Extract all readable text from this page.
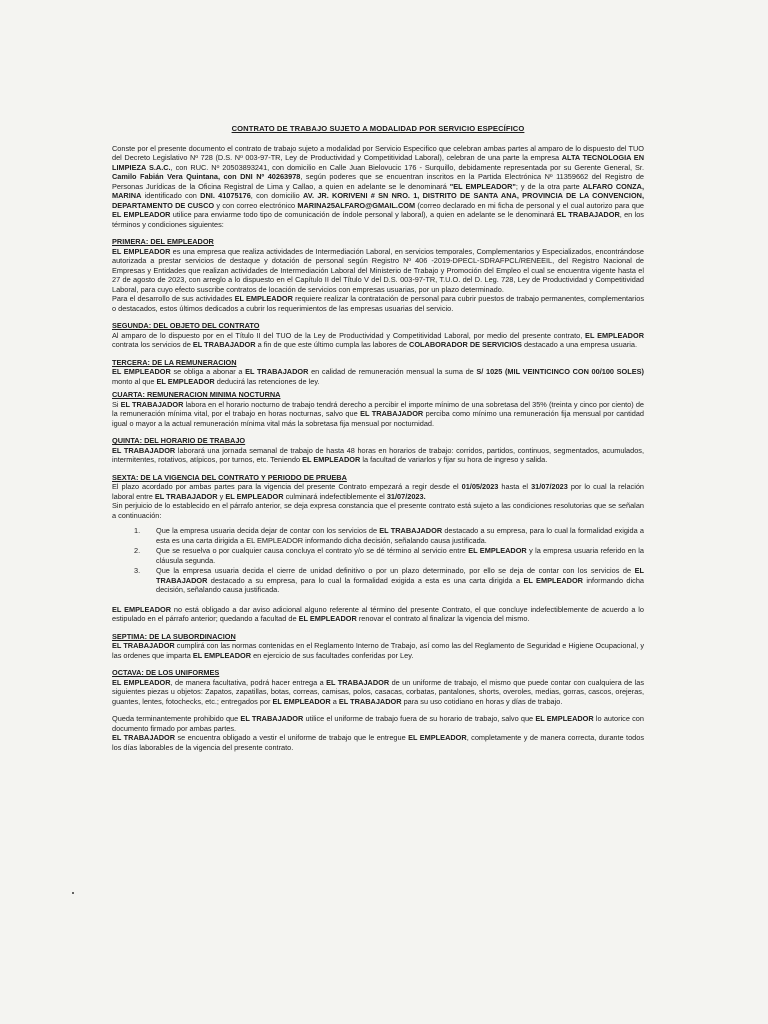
CONTRATO DE TRABAJO SUJETO A MODALIDAD POR SERVICIO ESPECÍFICO

Conste por el presente documento el contrato de trabajo sujeto a modalidad por Servicio Especifico que celebran ambas partes al amparo de lo dispuesto del TUO del Decreto Legislativo Nº 728 (D.S. Nº 003-97-TR, Ley de Productividad y Competitividad Laboral), celebran de una parte la empresa ALTA TECNOLOGIA EN LIMPIEZA S.A.C., con RUC. Nº 20503893241, con domicilio en Calle Juan Bielovucic 176 - Surquillo, debidamente representada por su Gerente General, Sr. Camilo Fabián Vera Quintana, con DNI Nº 40263978, según poderes que se encuentran inscritos en la Partida Electrónica Nº 11359662 del Registro de Personas Jurídicas de la Oficina Registral de Lima y Callao, a quien en adelante se le denominará "EL EMPLEADOR"; y de la otra parte ALFARO CONZA, MARINA identificado con DNI. 41075176, con domicilio AV. JR. KORIVENI # SN NRO. 1, DISTRITO DE SANTA ANA, PROVINCIA DE LA CONVENCION, DEPARTAMENTO DE CUSCO y con correo electrónico MARINA25ALFARO@GMAIL.COM (correo declarado en mi ficha de personal y el cual autorizo para que EL EMPLEADOR utilice para enviarme todo tipo de comunicación de índole personal y laboral), a quien en adelante se le denominará EL TRABAJADOR, en los términos y condiciones siguientes:

PRIMERA: DEL EMPLEADOR

EL EMPLEADOR es una empresa que realiza actividades de Intermediación Laboral, en servicios temporales, Complementarios y Especializados, encontrándose autorizada a prestar servicios de destaque y dotación de personal según Registro Nº 406 -2019-DPECL-SDRAFPCL/RENEEIL, del Registro Nacional de Empresas y Entidades que realizan actividades de Intermediación Laboral del Ministerio de Trabajo y Promoción del Empleo el cual se encuentra vigente hasta el 27 de agosto de 2023, con arreglo a lo dispuesto en el Capítulo II del Título V del D.S. 003-97-TR, T.U.O. del D. Leg. 728, Ley de Productividad y Competitividad Laboral, para cuyo efecto suscribe contratos de locación de servicios con empresas usuarias, por un plazo determinado.

Para el desarrollo de sus actividades EL EMPLEADOR requiere realizar la contratación de personal para cubrir puestos de trabajo permanentes, complementarios o destacados, estos últimos dedicados a cubrir los requerimientos de las empresas usuarias del servicio.

SEGUNDA: DEL OBJETO DEL CONTRATO

Al amparo de lo dispuesto por en el Título II del TUO de la Ley de Productividad y Competitividad Laboral, por medio del presente contrato, EL EMPLEADOR contrata los servicios de EL TRABAJADOR a fin de que este último cumpla las labores de COLABORADOR DE SERVICIOS destacado a una empresa usuaria.

TERCERA: DE LA REMUNERACION

EL EMPLEADOR se obliga a abonar a EL TRABAJADOR en calidad de remuneración mensual la suma de S/ 1025 (MIL VEINTICINCO CON 00/100 SOLES) monto al que EL EMPLEADOR deducirá las retenciones de ley.

CUARTA: REMUNERACION MINIMA NOCTURNA

Si EL TRABAJADOR labora en el horario nocturno de trabajo tendrá derecho a percibir el importe mínimo de una sobretasa del 35% (treinta y cinco por ciento) de la remuneración mínima vital, por el trabajo en horas nocturnas, salvo que EL TRABAJADOR perciba como mínimo una remuneración fija mensual por cantidad igual o mayor a la actual remuneración mínima vital más la sobretasa fija mensual por nocturnidad.

QUINTA: DEL HORARIO DE TRABAJO

EL TRABAJADOR laborará una jornada semanal de trabajo de hasta 48 horas en horarios de trabajo: corridos, partidos, continuos, segmentados, acumulados, intermitentes, rotativos, atípicos, por turnos, etc. Teniendo EL EMPLEADOR la facultad de variarlos y fijar su hora de ingreso y salida.

SEXTA: DE LA VIGENCIA DEL CONTRATO Y PERIODO DE PRUEBA

El plazo acordado por ambas partes para la vigencia del presente Contrato empezará a regir desde el 01/05/2023 hasta el 31/07/2023 por lo cual la relación laboral entre EL TRABAJADOR y EL EMPLEADOR culminará indefectiblemente el 31/07/2023.

Sin perjuicio de lo establecido en el párrafo anterior, se deja expresa constancia que el presente contrato está sujeto a las condiciones resolutorias que se señalan a continuación:

1. Que la empresa usuaria decida dejar de contar con los servicios de EL TRABAJADOR destacado a su empresa, para lo cual la formalidad exigida a esta es una carta dirigida a EL EMPLEADOR informando dicha decisión, señalando causa justificada.
2. Que se resuelva o por cualquier causa concluya el contrato y/o se dé término al servicio entre EL EMPLEADOR y la empresa usuaria referido en la cláusula segunda.
3. Que la empresa usuaria decida el cierre de unidad definitivo o por un plazo determinado, por ello se deja de contar con los servicios de EL TRABAJADOR destacado a su empresa, para lo cual la formalidad exigida a esta es una carta dirigida a EL EMPLEADOR informando dicha decisión, señalando causa justificada.

EL EMPLEADOR no está obligado a dar aviso adicional alguno referente al término del presente Contrato, el que concluye indefectiblemente de acuerdo a lo estipulado en el párrafo anterior; quedando a facultad de EL EMPLEADOR renovar el contrato al finalizar la vigencia del mismo.

SEPTIMA: DE LA SUBORDINACION

EL TRABAJADOR cumplirá con las normas contenidas en el Reglamento Interno de Trabajo, así como las del Reglamento de Seguridad e Higiene Ocupacional, y las ordenes que imparta EL EMPLEADOR en ejercicio de sus facultades conferidas por Ley.

OCTAVA: DE LOS UNIFORMES

EL EMPLEADOR, de manera facultativa, podrá hacer entrega a EL TRABAJADOR de un uniforme de trabajo, el mismo que puede contar con cualquiera de las siguientes piezas u objetos: Zapatos, zapatillas, botas, correas, camisas, polos, casacas, corbatas, pantalones, shorts, overoles, medias, gorras, cascos, orejeras, guantes, lentes, fotochecks, etc.; entregados por EL EMPLEADOR a EL TRABAJADOR para su uso cotidiano en horas y días de trabajo.

Queda terminantemente prohibido que EL TRABAJADOR utilice el uniforme de trabajo fuera de su horario de trabajo, salvo que EL EMPLEADOR lo autorice con documento firmado por ambas partes.

EL TRABAJADOR se encuentra obligado a vestir el uniforme de trabajo que le entregue EL EMPLEADOR, completamente y de manera correcta, durante todos los días laborables de la vigencia del presente contrato.
